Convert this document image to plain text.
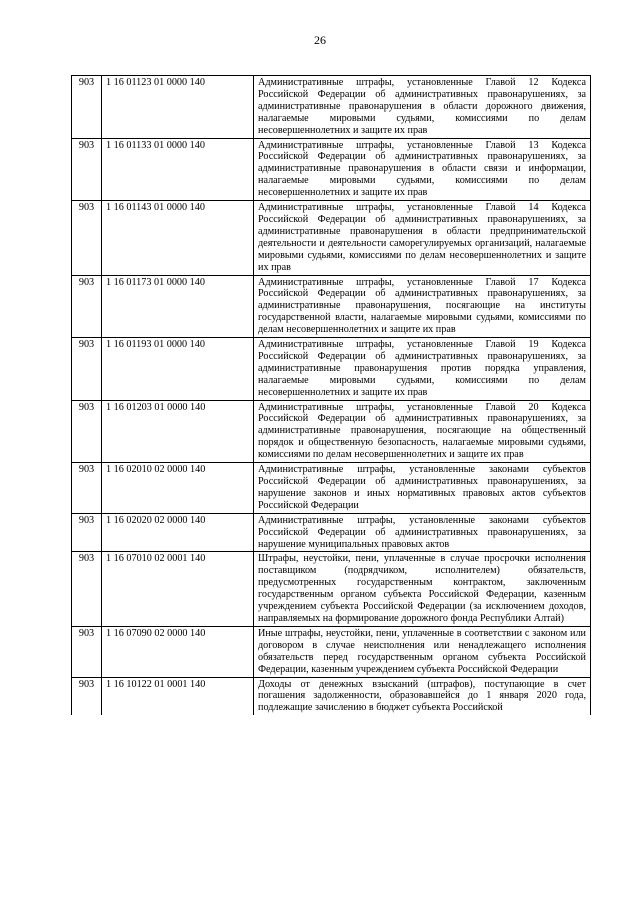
26
903	1 16 01123 01 0000 140	Административные штрафы, установленные Главой 12 Кодекса Российской Федерации об административных правонарушениях, за административные правонарушения в области дорожного движения, налагаемые мировыми судьями, комиссиями по делам несовершеннолетних и защите их прав
903	1 16 01133 01 0000 140	Административные штрафы, установленные Главой 13 Кодекса Российской Федерации об административных правонарушениях, за административные правонарушения в области связи и информации, налагаемые мировыми судьями, комиссиями по делам несовершеннолетних и защите их прав
903	1 16 01143 01 0000 140	Административные штрафы, установленные Главой 14 Кодекса Российской Федерации об административных правонарушениях, за административные правонарушения в области предпринимательской деятельности и деятельности саморегулируемых организаций, налагаемые мировыми судьями, комиссиями по делам несовершеннолетних и защите их прав
903	1 16 01173 01 0000 140	Административные штрафы, установленные Главой 17 Кодекса Российской Федерации об административных правонарушениях, за административные правонарушения, посягающие на институты государственной власти, налагаемые мировыми судьями, комиссиями по делам несовершеннолетних и защите их прав
903	1 16 01193 01 0000 140	Административные штрафы, установленные Главой 19 Кодекса Российской Федерации об административных правонарушениях, за административные правонарушения против порядка управления, налагаемые мировыми судьями, комиссиями по делам несовершеннолетних и защите их прав
903	1 16 01203 01 0000 140	Административные штрафы, установленные Главой 20 Кодекса Российской Федерации об административных правонарушениях, за административные правонарушения, посягающие на общественный порядок и общественную безопасность, налагаемые мировыми судьями, комиссиями по делам несовершеннолетних и защите их прав
903	1 16 02010 02 0000 140	Административные штрафы, установленные законами субъектов Российской Федерации об административных правонарушениях, за нарушение законов и иных нормативных правовых актов субъектов Российской Федерации
903	1 16 02020 02 0000 140	Административные штрафы, установленные законами субъектов Российской Федерации об административных правонарушениях, за нарушение муниципальных правовых актов
903	1 16 07010 02 0001 140	Штрафы, неустойки, пени, уплаченные в случае просрочки исполнения поставщиком (подрядчиком, исполнителем) обязательств, предусмотренных государственным контрактом, заключенным государственным органом субъекта Российской Федерации, казенным учреждением субъекта Российской Федерации (за исключением доходов, направляемых на формирование дорожного фонда Республики Алтай)
903	1 16 07090 02 0000 140	Иные штрафы, неустойки, пени, уплаченные в соответствии с законом или договором в случае неисполнения или ненадлежащего исполнения обязательств перед государственным органом субъекта Российской Федерации, казенным учреждением субъекта Российской Федерации
903	1 16 10122 01 0001 140	Доходы от денежных взысканий (штрафов), поступающие в счет погашения задолженности, образовавшейся до 1 января 2020 года, подлежащие зачислению в бюджет субъекта Российской
